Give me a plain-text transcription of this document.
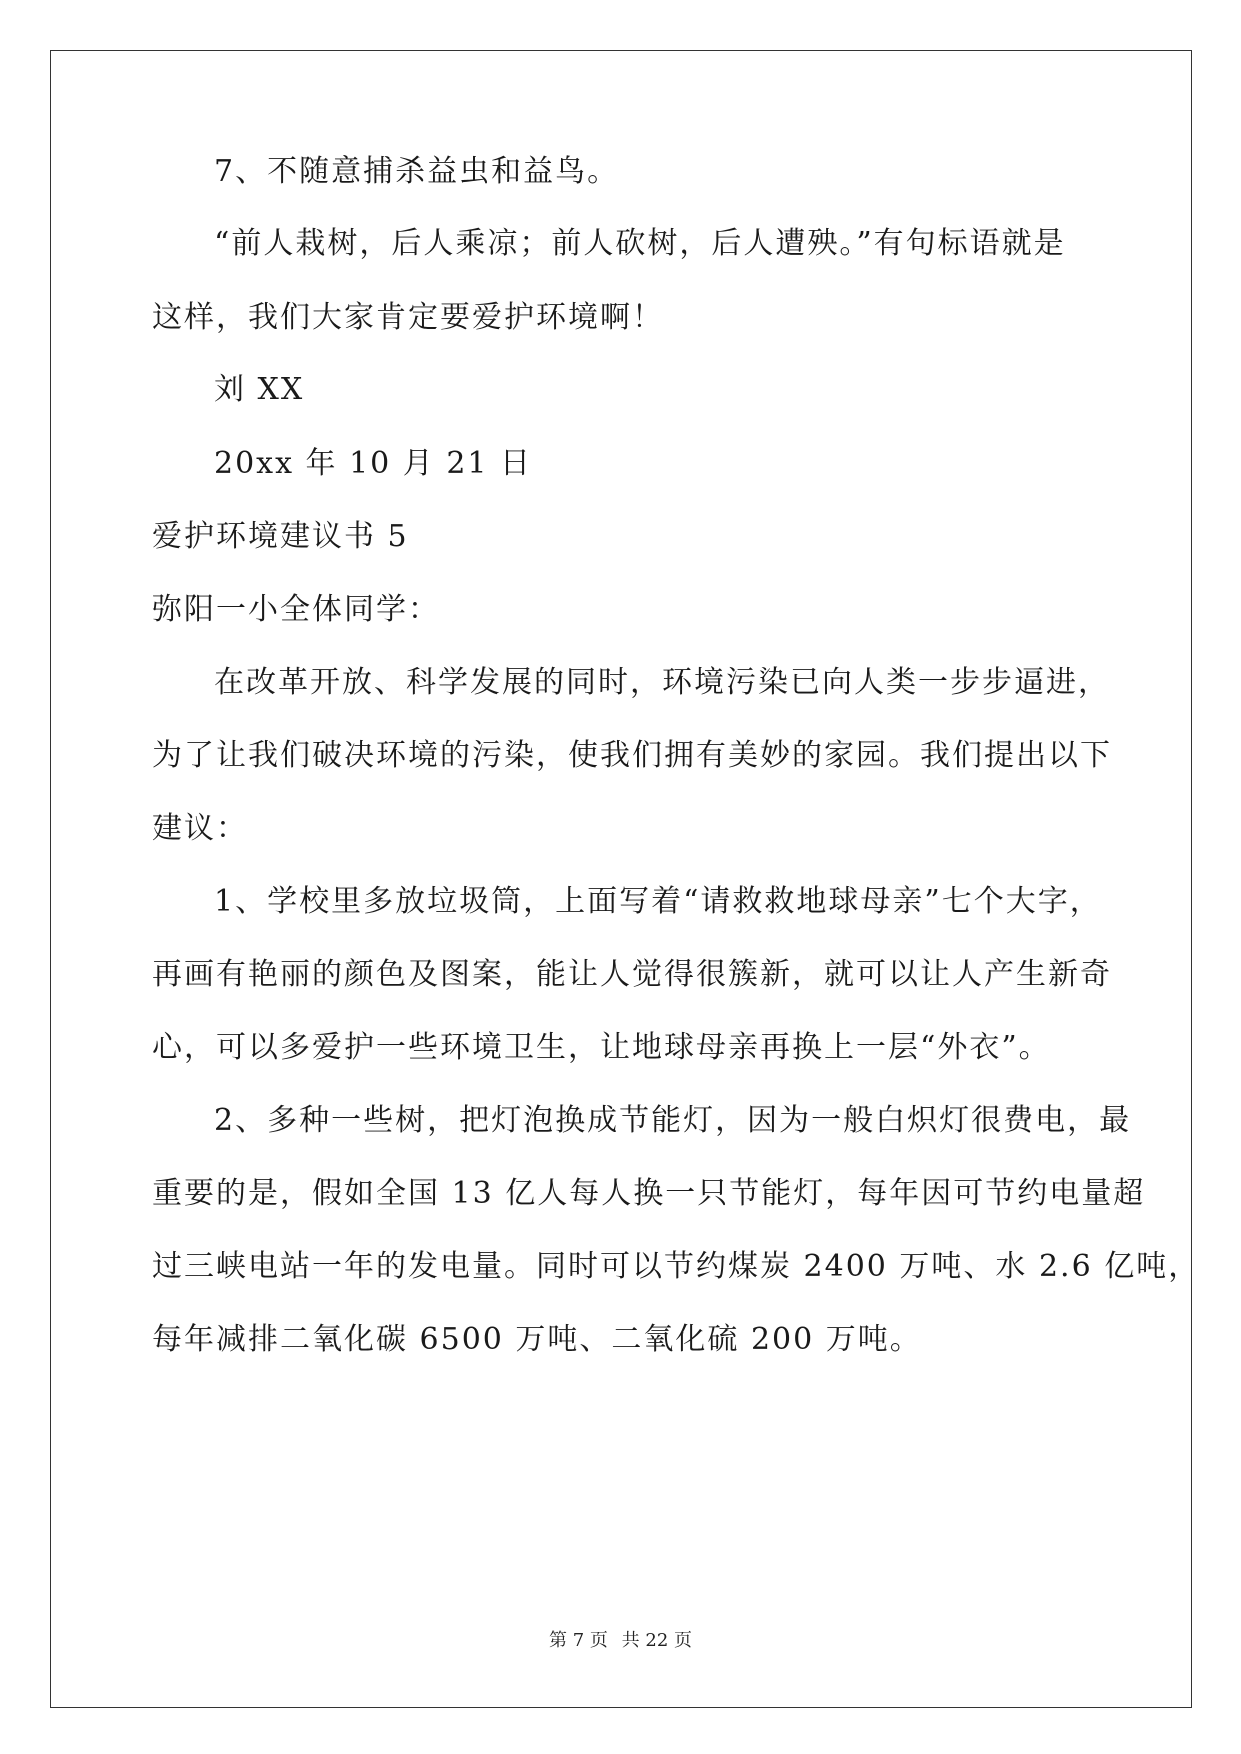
7、不随意捕杀益虫和益鸟。
“前人栽树，后人乘凉；前人砍树，后人遭殃。”有句标语就是
这样，我们大家肯定要爱护环境啊！
刘 XX
20xx 年 10 月 21 日
爱护环境建议书 5
弥阳一小全体同学：
在改革开放、科学发展的同时，环境污染已向人类一步步逼进，
为了让我们破决环境的污染，使我们拥有美妙的家园。我们提出以下
建议：
1、学校里多放垃圾筒，上面写着“请救救地球母亲”七个大字，
再画有艳丽的颜色及图案，能让人觉得很簇新，就可以让人产生新奇
心，可以多爱护一些环境卫生，让地球母亲再换上一层“外衣”。
2、多种一些树，把灯泡换成节能灯，因为一般白炽灯很费电，最
重要的是，假如全国 13 亿人每人换一只节能灯，每年因可节约电量超
过三峡电站一年的发电量。同时可以节约煤炭 2400 万吨、水 2.6 亿吨，
每年减排二氧化碳 6500 万吨、二氧化硫 200 万吨。
第 7 页 共 22 页
